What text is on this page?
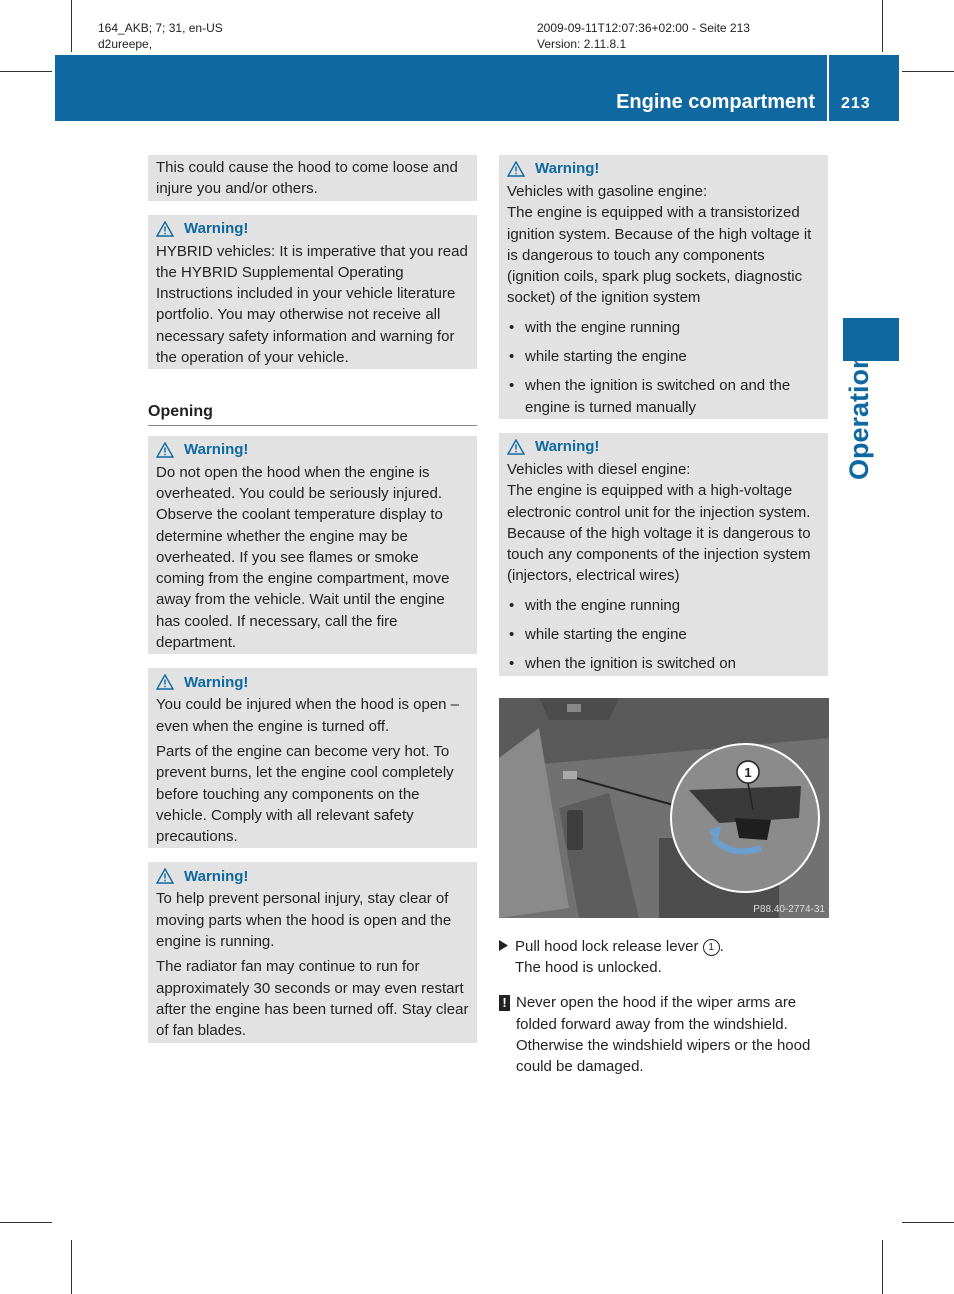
164_AKB; 7; 31, en-US
d2ureepe,
2009-09-11T12:07:36+02:00 - Seite 213
Version: 2.11.8.1
Engine compartment 213
Operation

This could cause the hood to come loose and injure you and/or others.

Warning!

HYBRID vehicles: It is imperative that you read the HYBRID Supplemental Operating Instructions included in your vehicle literature portfolio. You may otherwise not receive all necessary safety information and warning for the operation of your vehicle.

Opening
Warning!

Do not open the hood when the engine is overheated. You could be seriously injured. Observe the coolant temperature display to determine whether the engine may be overheated. If you see flames or smoke coming from the engine compartment, move away from the vehicle. Wait until the engine has cooled. If necessary, call the fire department.

Warning!

You could be injured when the hood is open – even when the engine is turned off.

Parts of the engine can become very hot. To prevent burns, let the engine cool completely before touching any components on the vehicle. Comply with all relevant safety precautions.

Warning!

To help prevent personal injury, stay clear of moving parts when the hood is open and the engine is running.

The radiator fan may continue to run for approximately 30 seconds or may even restart after the engine has been turned off. Stay clear of fan blades.

Warning!

Vehicles with gasoline engine:

The engine is equipped with a transistorized ignition system. Because of the high voltage it is dangerous to touch any components (ignition coils, spark plug sockets, diagnostic socket) of the ignition system

• with the engine running
• while starting the engine
• when the ignition is switched on and the engine is turned manually
Warning!

Vehicles with diesel engine:

The engine is equipped with a high-voltage electronic control unit for the injection system. Because of the high voltage it is dangerous to touch any components of the injection system (injectors, electrical wires)

• with the engine running
• while starting the engine
• when the ignition is switched on
1
P88.40-2774-31
Pull hood lock release lever 1 .
The hood is unlocked.
! Never open the hood if the wiper arms are folded forward away from the windshield. Otherwise the windshield wipers or the hood could be damaged.
